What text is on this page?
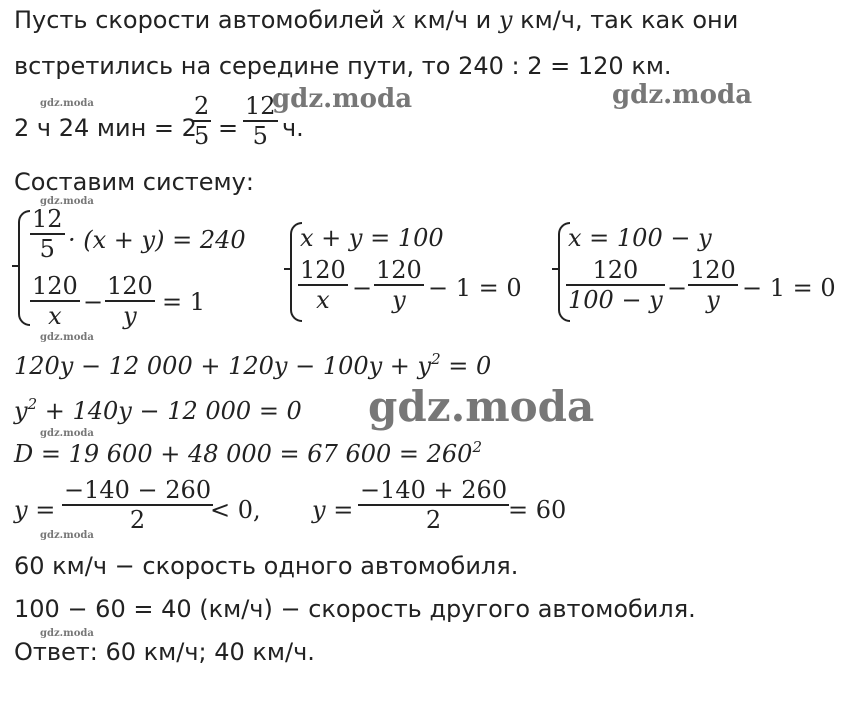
Пусть скорости автомобилей x км/ч и y км/ч, так как они
встретились на середине пути, то 240 : 2 = 120 км.
2 ч 24 мин = 2
2
5 =
12
5 ч.
Составим систему:
12
5 · (x + y) = 240
120
x −
120
y	= 1
x + y = 100
120
x −
120
y − 1 = 0
x = 100 − y
120
100 − y −
120
y − 1 = 0
120y − 12 $000 + 120y - 100y + y^2 = 0$
$y^2 + 140y - 12$ 000 = 0
D = 19 600 + 48 000 = 67 $600 = 260^2$
y =
−140 − 260
2	< 0, y =
−140 + 260
2	= 60
60 км/ч − скорость одного автомобиля.
100 − 60 = 40 (км/ч) − скорость другого автомобиля.
Ответ: 60 км/ч; 40 км/ч.
gdz.moda
gdz.moda
gdz.moda
gdz.moda
gdz.moda
gdz.moda
gdz.moda	gdz.moda
gdz.moda
